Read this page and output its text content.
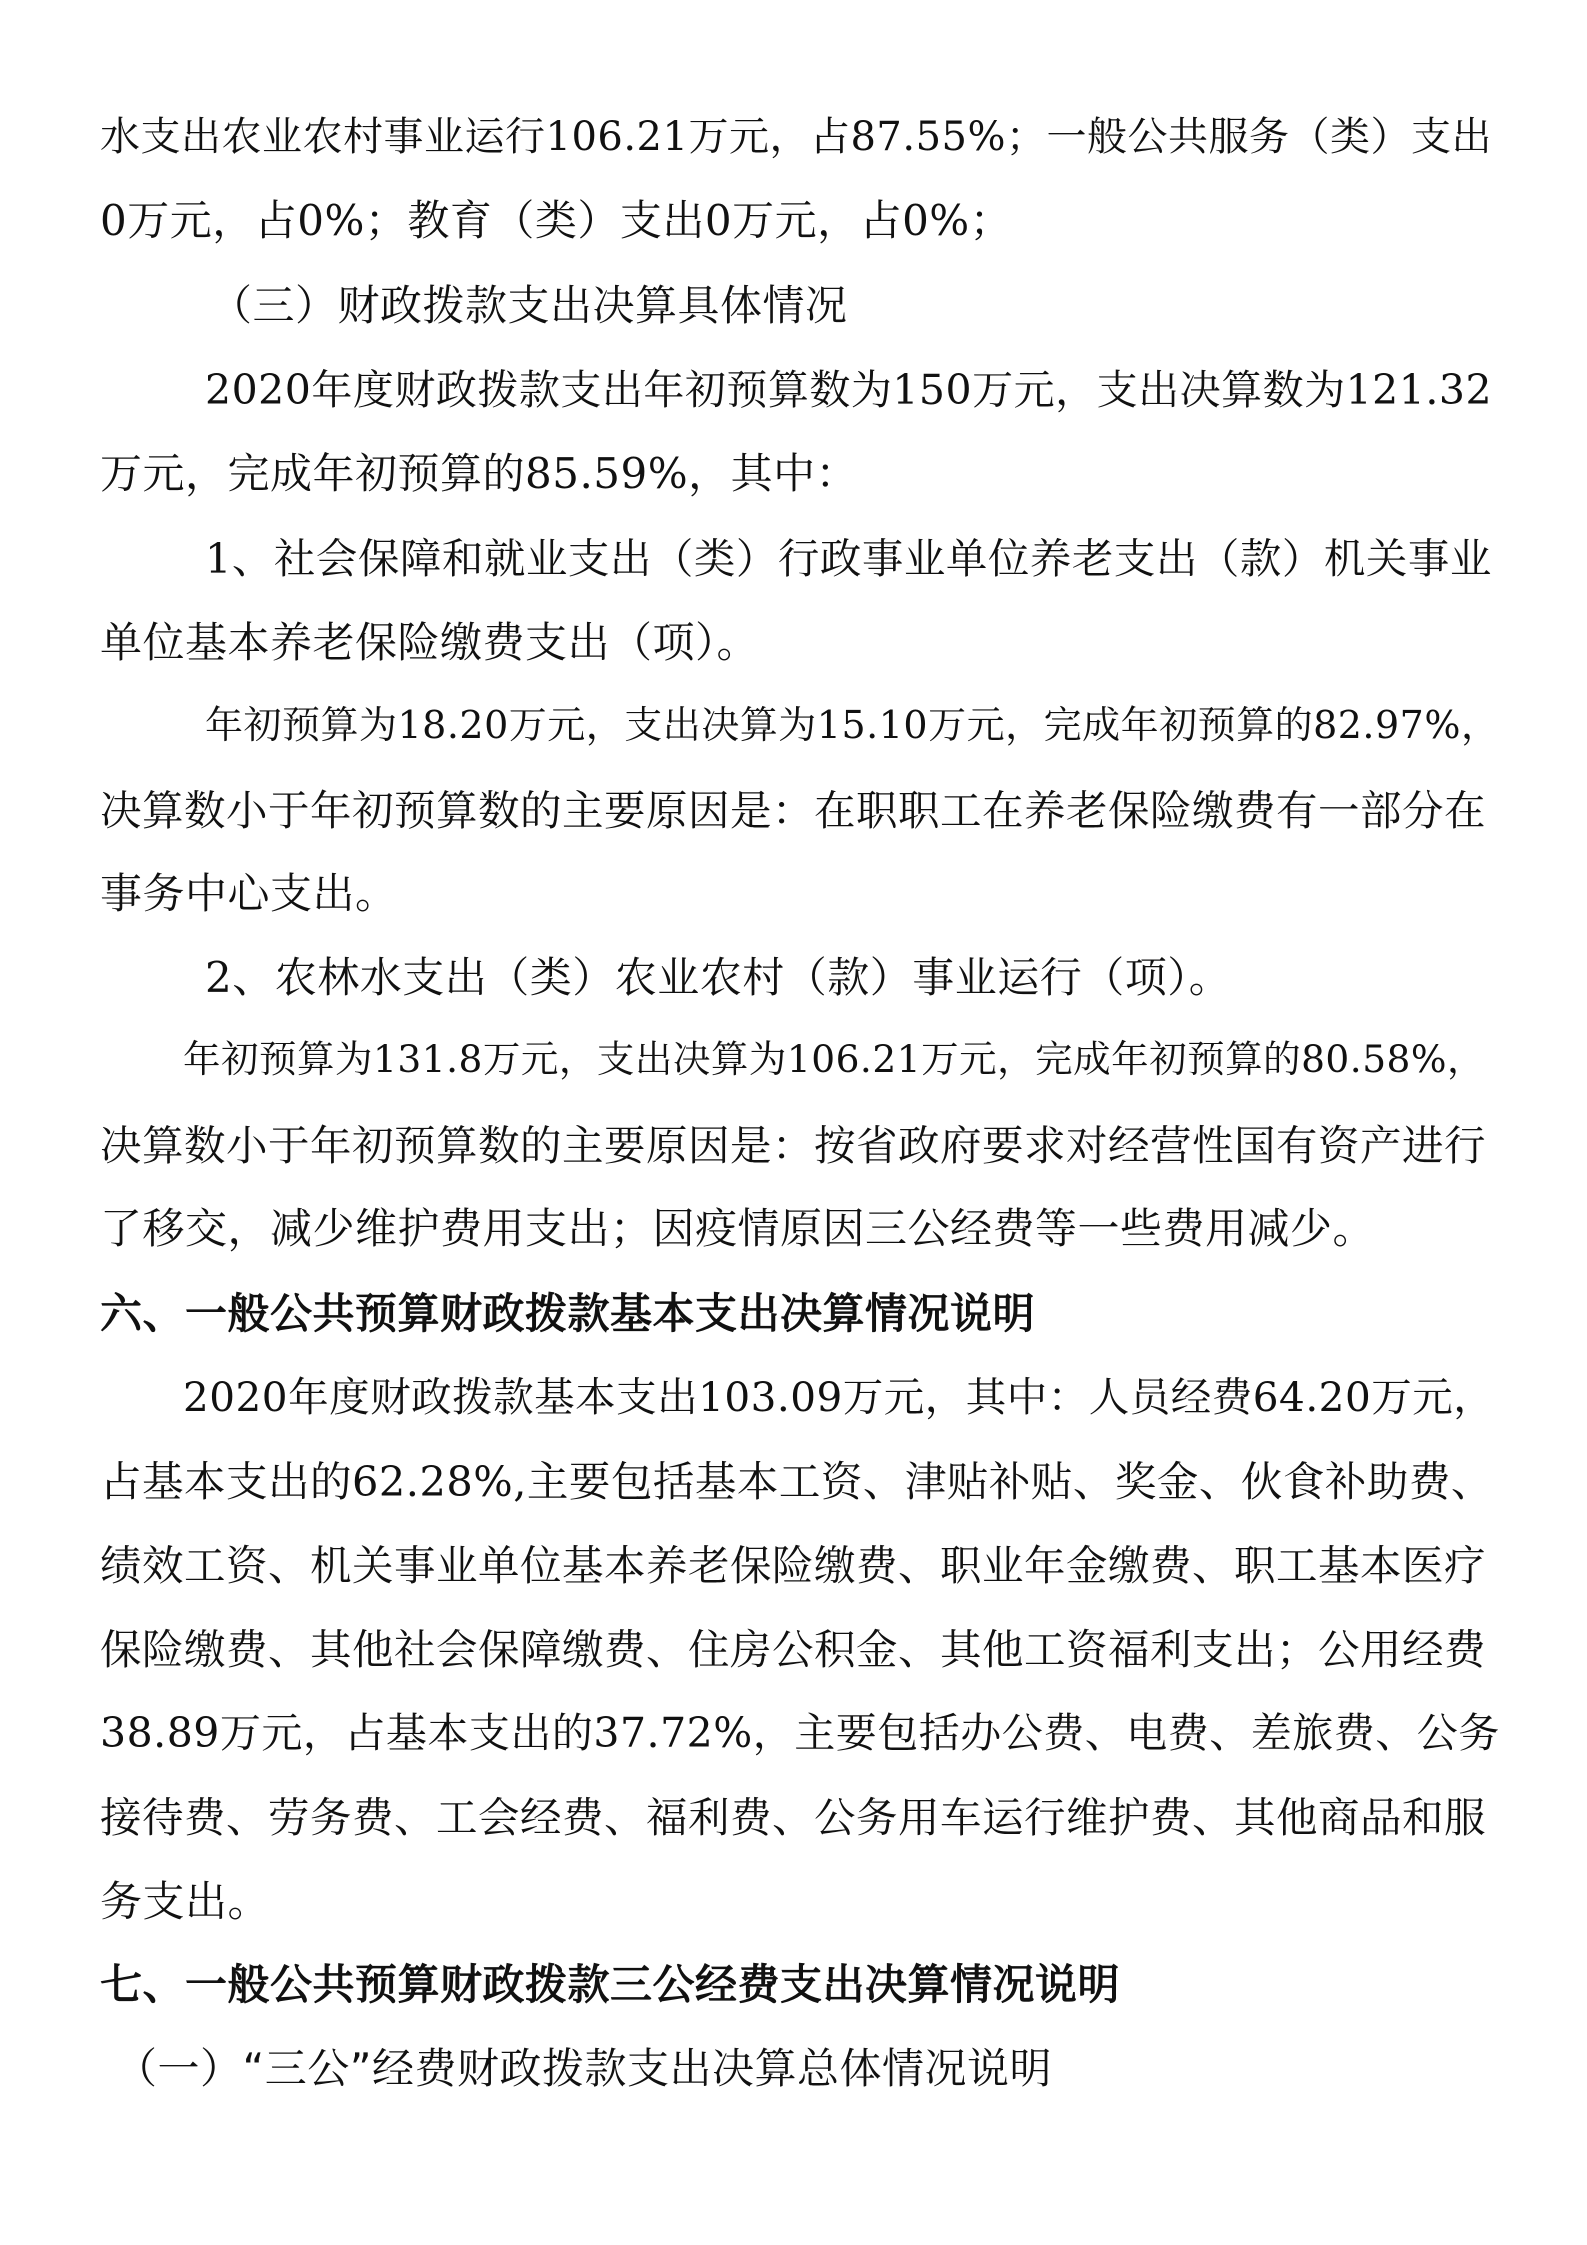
水支出农业农村事业运行106.21万元，占87.55%；一般公共服务（类）支出
0万元，占0%；教育（类）支出0万元，占0%；
（三）财政拨款支出决算具体情况
2020年度财政拨款支出年初预算数为150万元，支出决算数为121.32
万元，完成年初预算的85.59%，其中：
1、社会保障和就业支出（类）行政事业单位养老支出（款）机关事业
单位基本养老保险缴费支出（项）。
年初预算为18.20万元，支出决算为15.10万元，完成年初预算的82.97%，
决算数小于年初预算数的主要原因是：在职职工在养老保险缴费有一部分在
事务中心支出。
2、农林水支出（类）农业农村（款）事业运行（项）。
年初预算为131.8万元，支出决算为106.21万元，完成年初预算的80.58%，
决算数小于年初预算数的主要原因是：按省政府要求对经营性国有资产进行
了移交，减少维护费用支出；因疫情原因三公经费等一些费用减少。
六、一般公共预算财政拨款基本支出决算情况说明
2020年度财政拨款基本支出103.09万元，其中：人员经费64.20万元，
占基本支出的62.28%,主要包括基本工资、津贴补贴、奖金、伙食补助费、
绩效工资、机关事业单位基本养老保险缴费、职业年金缴费、职工基本医疗
保险缴费、其他社会保障缴费、住房公积金、其他工资福利支出；公用经费
38.89万元，占基本支出的37.72%，主要包括办公费、电费、差旅费、公务
接待费、劳务费、工会经费、福利费、公务用车运行维护费、其他商品和服
务支出。
七、一般公共预算财政拨款三公经费支出决算情况说明
（一）“三公”经费财政拨款支出决算总体情况说明
